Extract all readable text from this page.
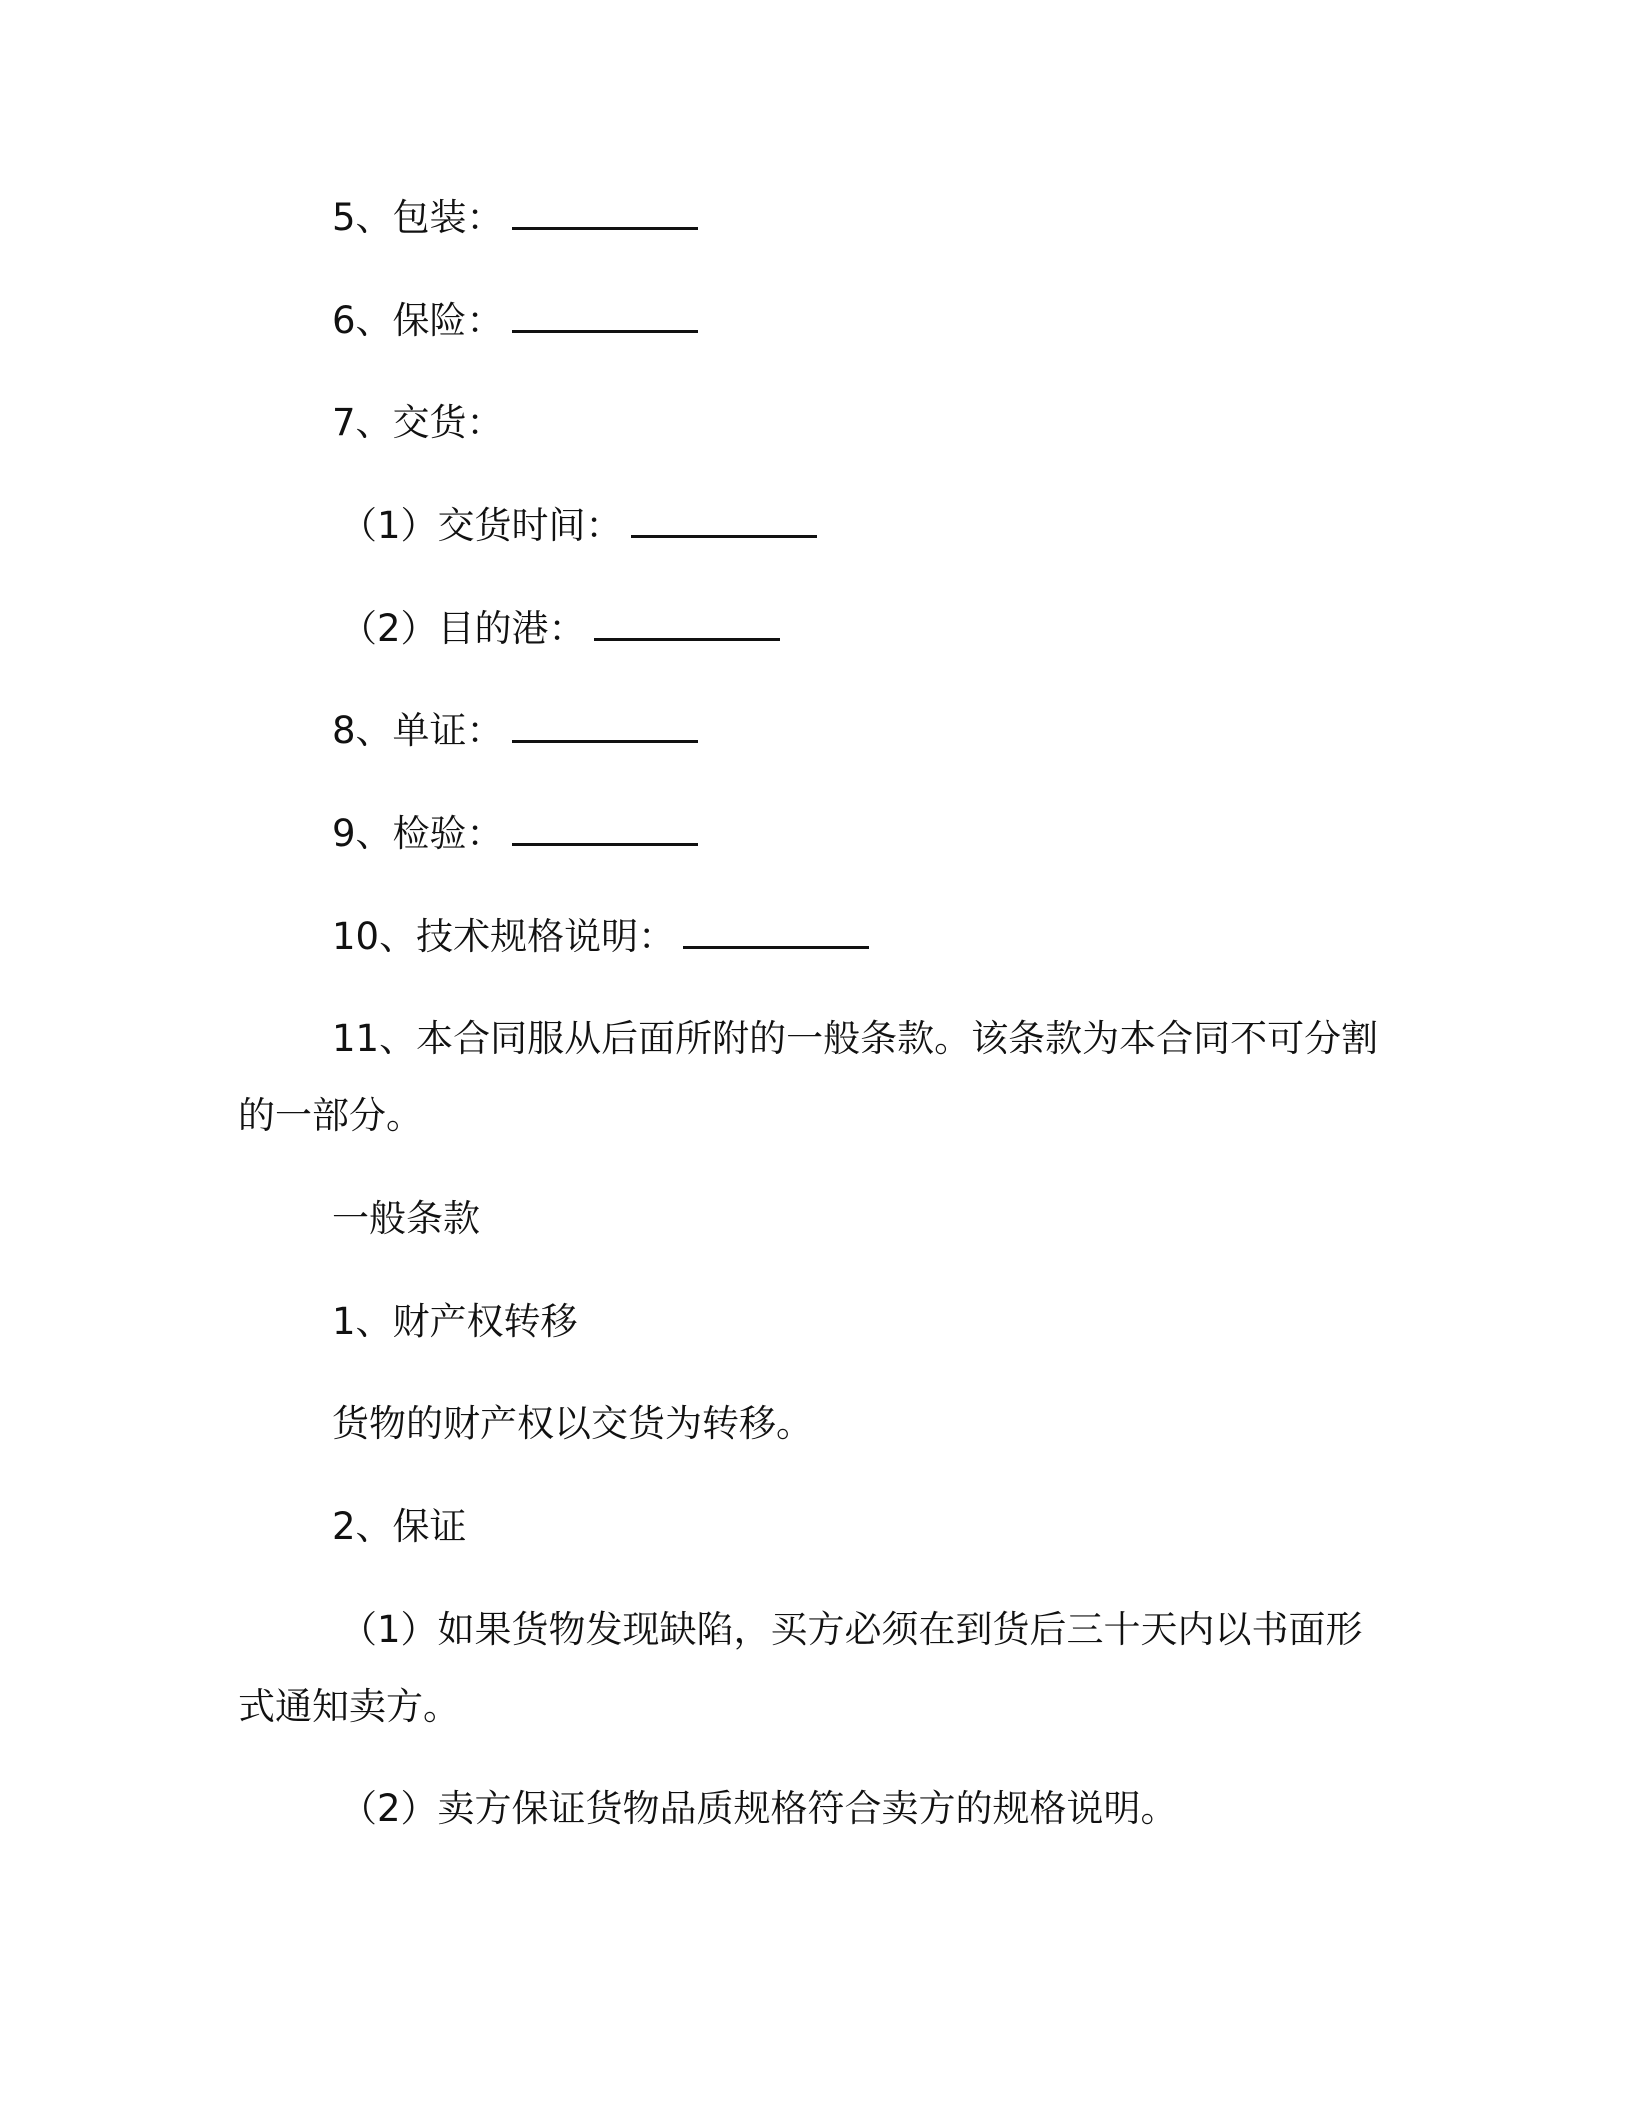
5、包装：
6、保险：
7、交货：
（1）交货时间：
（2）目的港：
8、单证：
9、检验：
10、技术规格说明：
11、本合同服从后面所附的一般条款。该条款为本合同不可分割
的一部分。
一般条款
1、财产权转移
货物的财产权以交货为转移。
2、保证
（1）如果货物发现缺陷，买方必须在到货后三十天内以书面形
式通知卖方。
（2）卖方保证货物品质规格符合卖方的规格说明。
